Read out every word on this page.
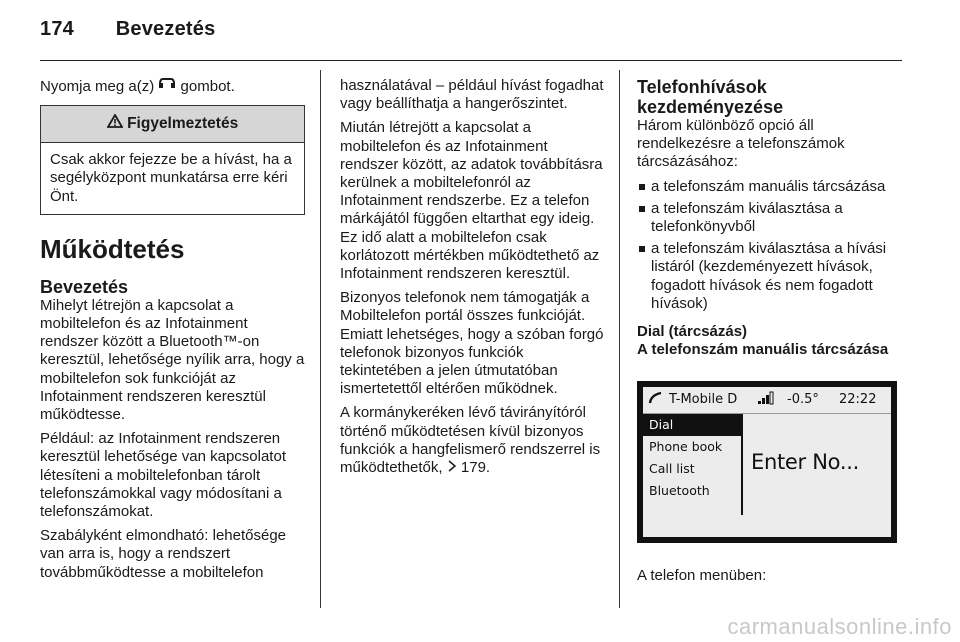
174 Bevezetés

Nyomja meg a(z) gombot.

Figyelmeztetés
Csak akkor fejezze be a hívást, ha a segélyközpont munkatársa erre kéri Önt.
Működtetés
Bevezetés

Mihelyt létrejön a kapcsolat a mobiltelefon és az Infotainment rendszer között a Bluetooth™-on keresztül, lehetősége nyílik arra, hogy a mobiltelefon sok funkcióját az Infotainment rendszeren keresztül működtesse.

Például: az Infotainment rendszeren keresztül lehetősége van kapcsolatot létesíteni a mobiltelefonban tárolt telefonszámokkal vagy módosítani a telefonszámokat.

Szabályként elmondható: lehetősége van arra is, hogy a rendszert továbbműködtesse a mobiltelefon

használatával – például hívást fogadhat vagy beállíthatja a hangerőszintet.

Miután létrejött a kapcsolat a mobiltelefon és az Infotainment rendszer között, az adatok továbbításra kerülnek a mobiltelefonról az Infotainment rendszerbe. Ez a telefon márkájától függően eltarthat egy ideig. Ez idő alatt a mobiltelefon csak korlátozott mértékben működtethető az Infotainment rendszeren keresztül.

Bizonyos telefonok nem támogatják a Mobiltelefon portál összes funkcióját. Emiatt lehetséges, hogy a szóban forgó telefonok bizonyos funkciók tekintetében a jelen útmutatóban ismertetettől eltérően működnek.

A kormánykeréken lévő távirányítóról történő működtetésen kívül bizonyos funkciók a hangfelismerő rendszerrel is működtethetők, 179.

Telefonhívások kezdeményezése

Három különböző opció áll rendelkezésre a telefonszámok tárcsázásához:

a telefonszám manuális tárcsázása
a telefonszám kiválasztása a telefonkönyvből
a telefonszám kiválasztása a hívási listáról (kezdeményezett hívások, fogadott hívások és nem fogadott hívások)
Dial (tárcsázás)
A telefonszám manuális tárcsázása
T-Mobile D	-0.5°	22:22
Dial
Phone book
Call list
Bluetooth
Enter No...

A telefon menüben:

carmanualsonline.info
